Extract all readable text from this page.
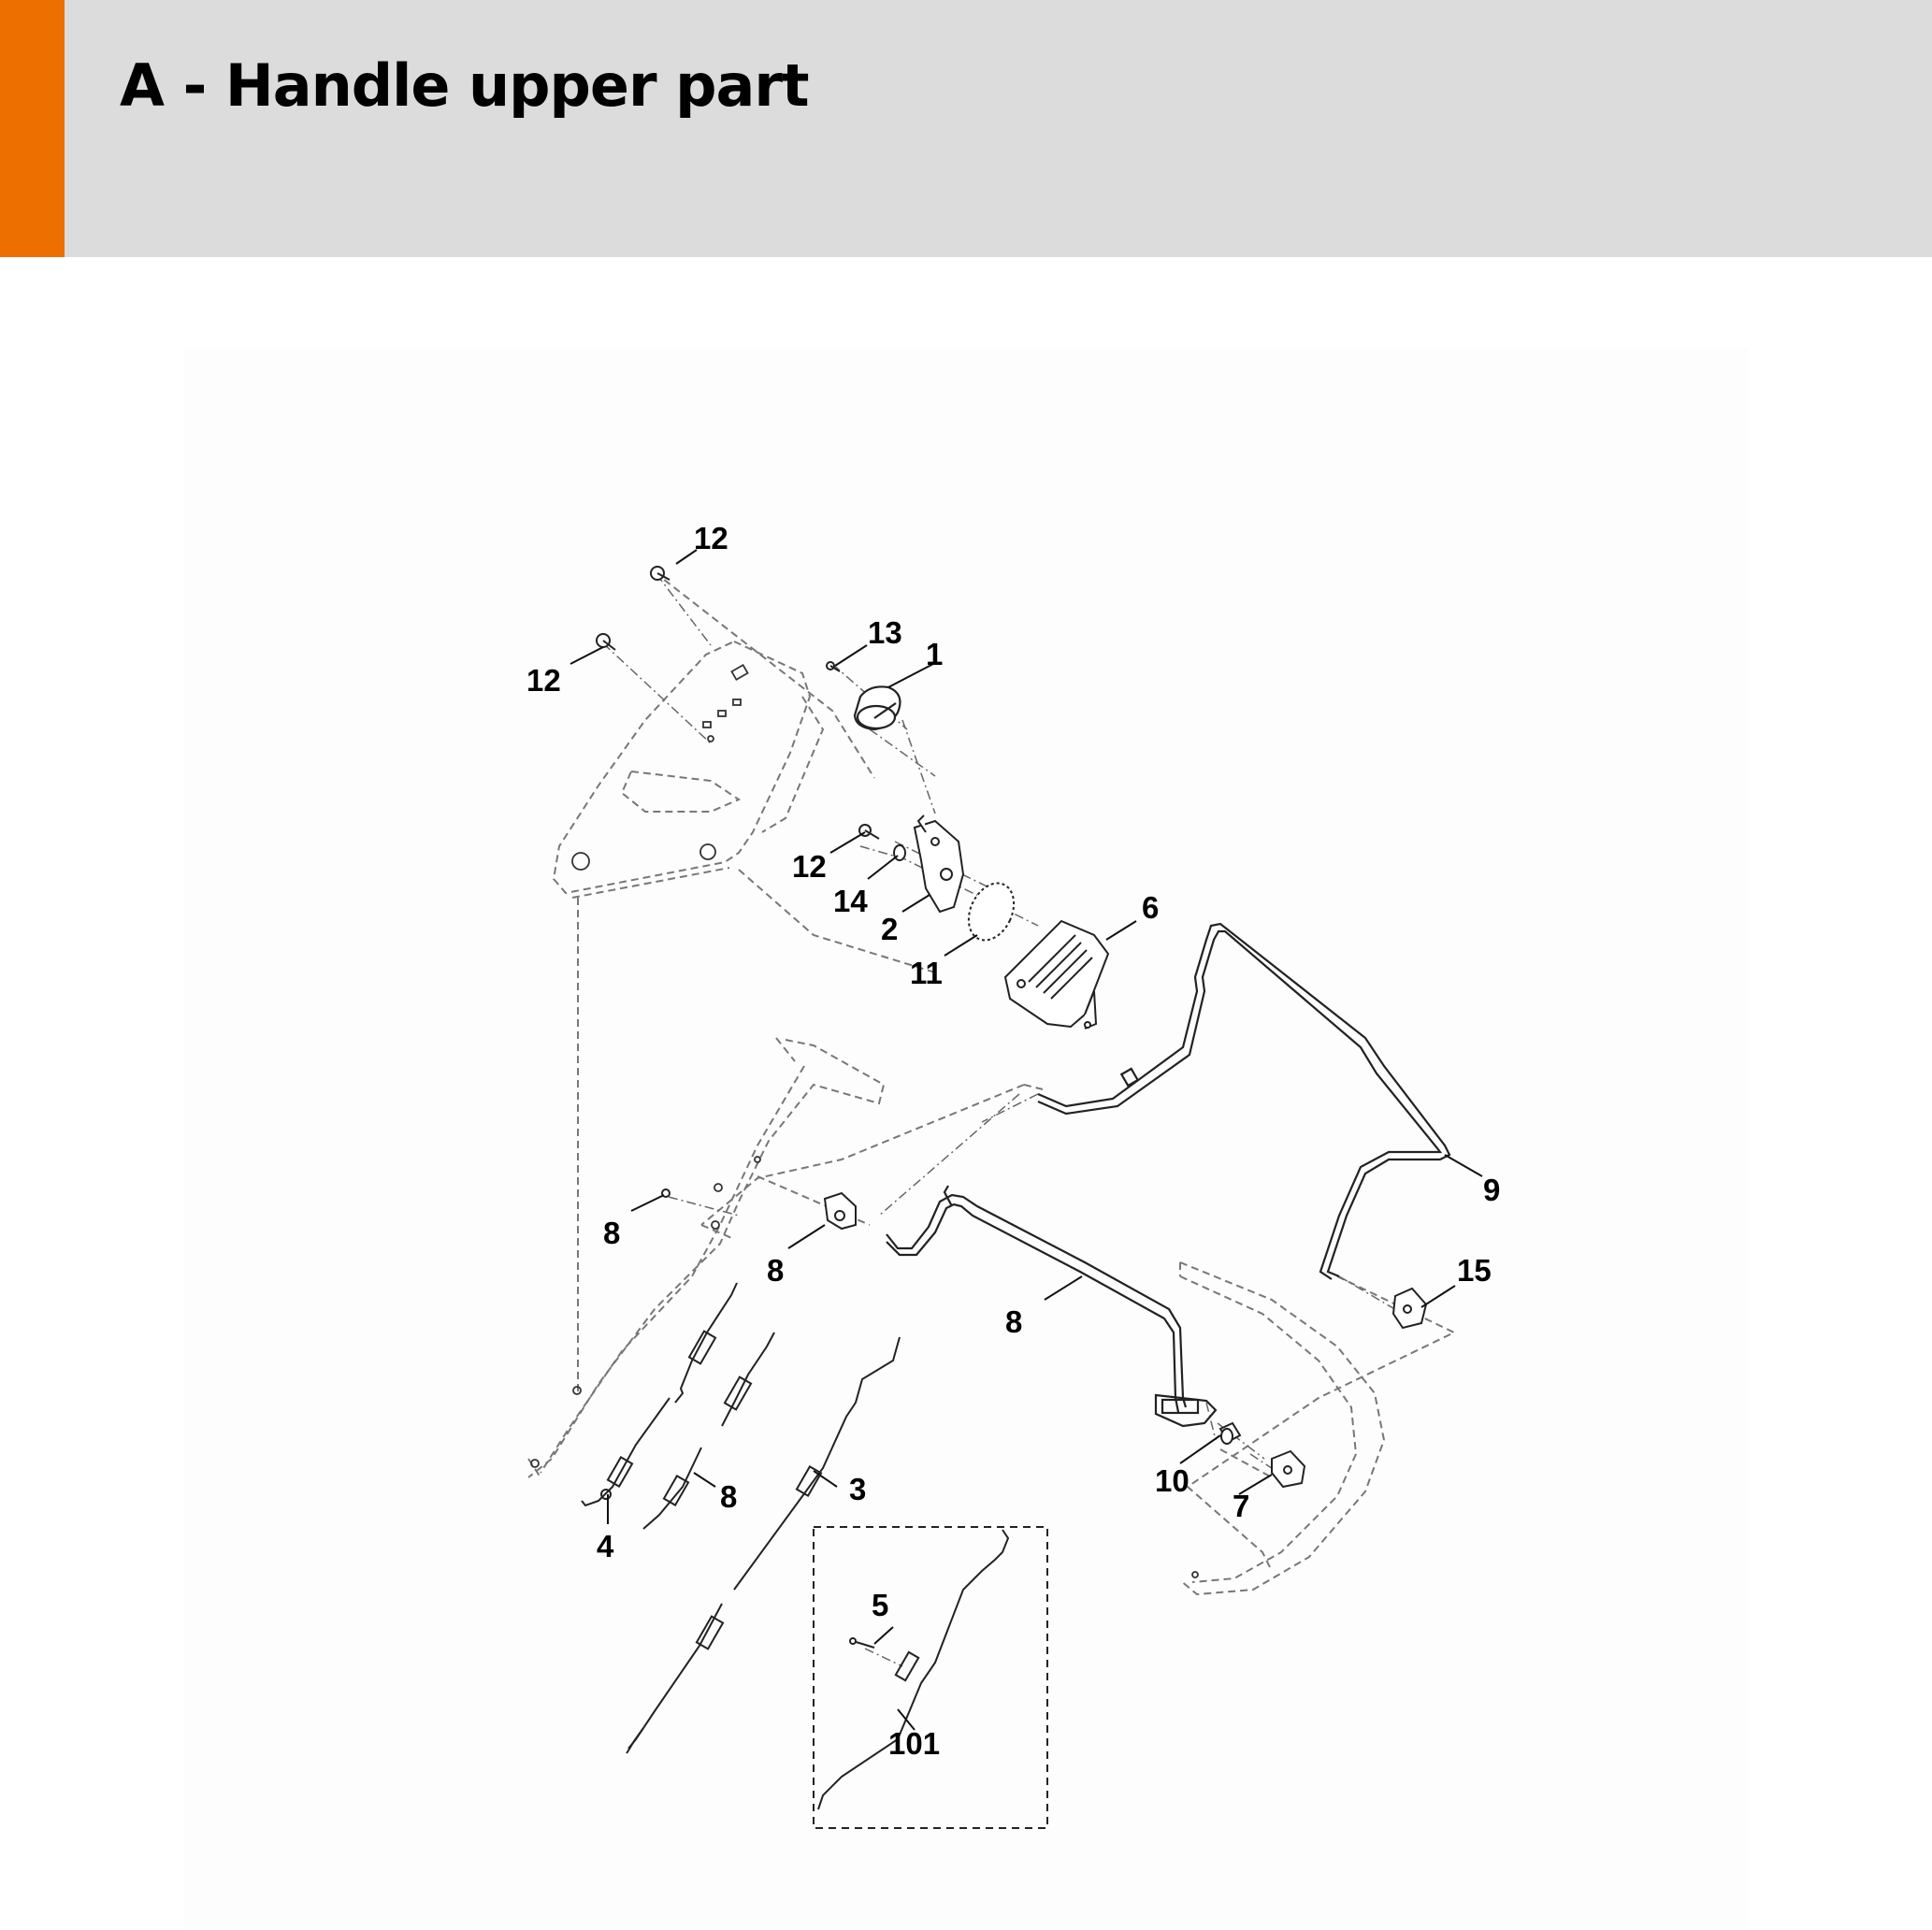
A - Handle upper part
12
12
13
1
12
14
2
11
6
9
8
8	15
8
10
7
8	3
4
5
101
